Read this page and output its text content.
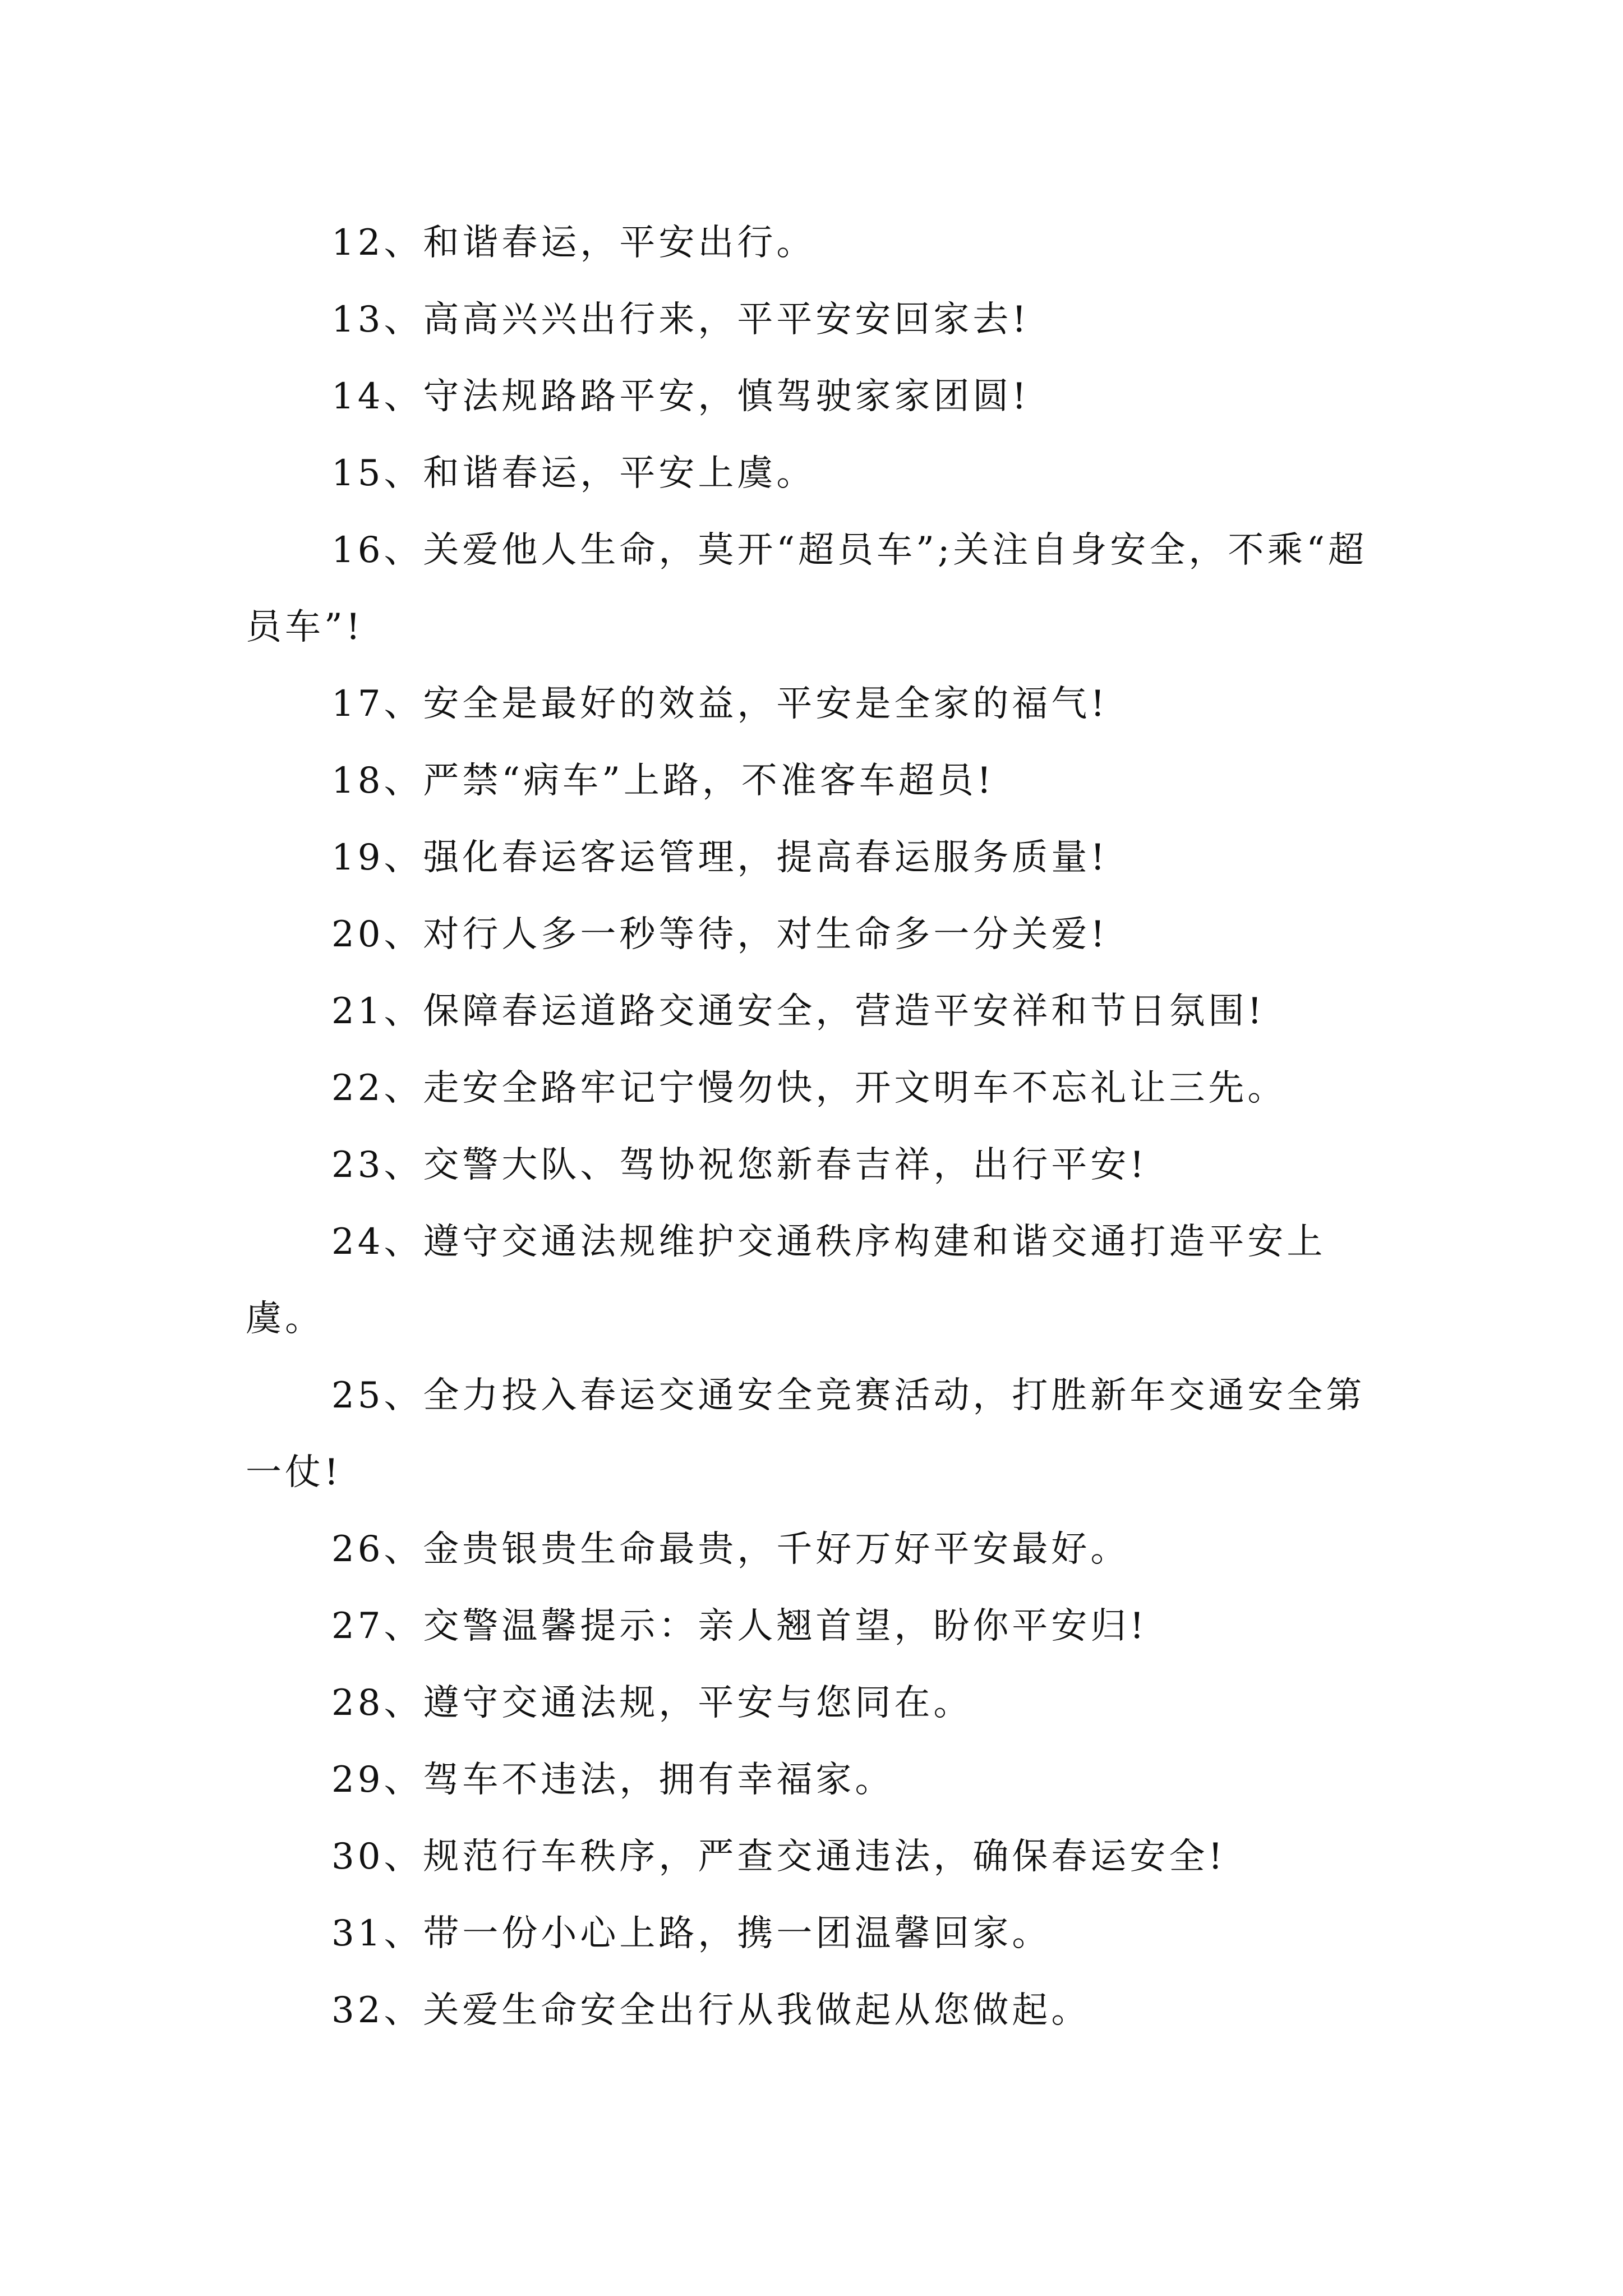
12、和谐春运，平安出行。

13、高高兴兴出行来，平平安安回家去!

14、守法规路路平安，慎驾驶家家团圆!

15、和谐春运，平安上虞。

16、关爱他人生命，莫开“超员车”;关注自身安全，不乘“超员车”!

17、安全是最好的效益，平安是全家的福气!

18、严禁“病车”上路，不准客车超员!

19、强化春运客运管理，提高春运服务质量!

20、对行人多一秒等待，对生命多一分关爱!

21、保障春运道路交通安全，营造平安祥和节日氛围!

22、走安全路牢记宁慢勿快，开文明车不忘礼让三先。

23、交警大队、驾协祝您新春吉祥，出行平安!

24、遵守交通法规维护交通秩序构建和谐交通打造平安上虞。

25、全力投入春运交通安全竞赛活动，打胜新年交通安全第一仗!

26、金贵银贵生命最贵，千好万好平安最好。

27、交警温馨提示：亲人翘首望，盼你平安归!

28、遵守交通法规，平安与您同在。

29、驾车不违法，拥有幸福家。

30、规范行车秩序，严查交通违法，确保春运安全!

31、带一份小心上路，携一团温馨回家。

32、关爱生命安全出行从我做起从您做起。
